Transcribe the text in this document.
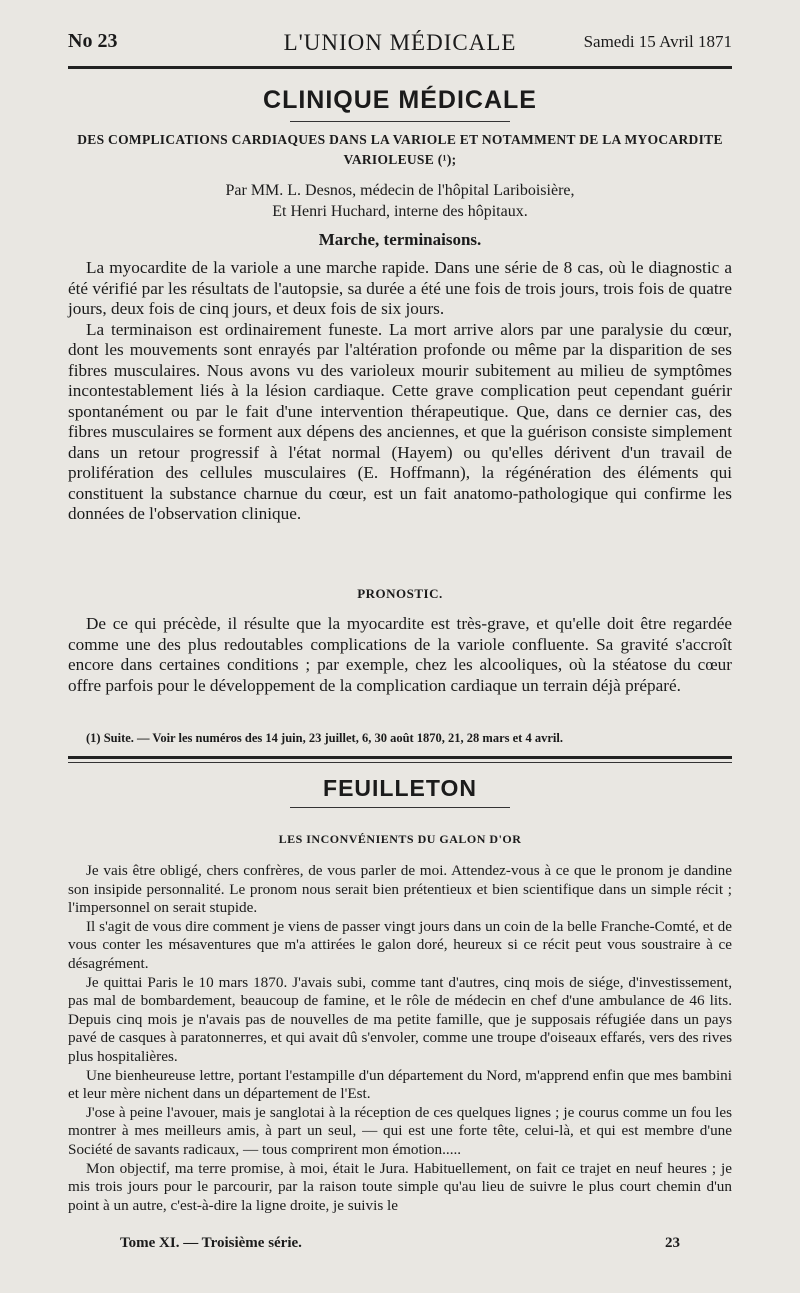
No 23	L'UNION MÉDICALE	Samedi 15 Avril 1871
CLINIQUE MÉDICALE
DES COMPLICATIONS CARDIAQUES DANS LA VARIOLE ET NOTAMMENT DE LA MYOCARDITE
VARIOLEUSE (¹);
Par MM. L. Desnos, médecin de l'hôpital Lariboisière,
Et Henri Huchard, interne des hôpitaux.
Marche, terminaisons.

La myocardite de la variole a une marche rapide. Dans une série de 8 cas, où le diagnostic a été vérifié par les résultats de l'autopsie, sa durée a été une fois de trois jours, trois fois de quatre jours, deux fois de cinq jours, et deux fois de six jours.

La terminaison est ordinairement funeste. La mort arrive alors par une paralysie du cœur, dont les mouvements sont enrayés par l'altération profonde ou même par la disparition de ses fibres musculaires. Nous avons vu des varioleux mourir subitement au milieu de symptômes incontestablement liés à la lésion cardiaque. Cette grave complication peut cependant guérir spontanément ou par le fait d'une intervention thérapeutique. Que, dans ce dernier cas, des fibres musculaires se forment aux dépens des anciennes, et que la guérison consiste simplement dans un retour progressif à l'état normal (Hayem) ou qu'elles dérivent d'un travail de prolifération des cellules musculaires (E. Hoffmann), la régénération des éléments qui constituent la substance charnue du cœur, est un fait anatomo-pathologique qui confirme les données de l'observation clinique.

PRONOSTIC.

De ce qui précède, il résulte que la myocardite est très-grave, et qu'elle doit être regardée comme une des plus redoutables complications de la variole confluente. Sa gravité s'accroît encore dans certaines conditions ; par exemple, chez les alcooliques, où la stéatose du cœur offre parfois pour le développement de la complication cardiaque un terrain déjà préparé.

(1) Suite. — Voir les numéros des 14 juin, 23 juillet, 6, 30 août 1870, 21, 28 mars et 4 avril.
FEUILLETON
LES INCONVÉNIENTS DU GALON D'OR

Je vais être obligé, chers confrères, de vous parler de moi. Attendez-vous à ce que le pronom je dandine son insipide personnalité. Le pronom nous serait bien prétentieux et bien scientifique dans un simple récit ; l'impersonnel on serait stupide.

Il s'agit de vous dire comment je viens de passer vingt jours dans un coin de la belle Franche-Comté, et de vous conter les mésaventures que m'a attirées le galon doré, heureux si ce récit peut vous soustraire à ce désagrément.

Je quittai Paris le 10 mars 1870. J'avais subi, comme tant d'autres, cinq mois de siége, d'investissement, pas mal de bombardement, beaucoup de famine, et le rôle de médecin en chef d'une ambulance de 46 lits. Depuis cinq mois je n'avais pas de nouvelles de ma petite famille, que je supposais réfugiée dans un pays pavé de casques à paratonnerres, et qui avait dû s'envoler, comme une troupe d'oiseaux effarés, vers des rives plus hospitalières.

Une bienheureuse lettre, portant l'estampille d'un département du Nord, m'apprend enfin que mes bambini et leur mère nichent dans un département de l'Est.

J'ose à peine l'avouer, mais je sanglotai à la réception de ces quelques lignes ; je courus comme un fou les montrer à mes meilleurs amis, à part un seul, — qui est une forte tête, celui-là, et qui est membre d'une Société de savants radicaux, — tous comprirent mon émotion.....

Mon objectif, ma terre promise, à moi, était le Jura. Habituellement, on fait ce trajet en neuf heures ; je mis trois jours pour le parcourir, par la raison toute simple qu'au lieu de suivre le plus court chemin d'un point à un autre, c'est-à-dire la ligne droite, je suivis le

Tome XI. — Troisième série.	23
